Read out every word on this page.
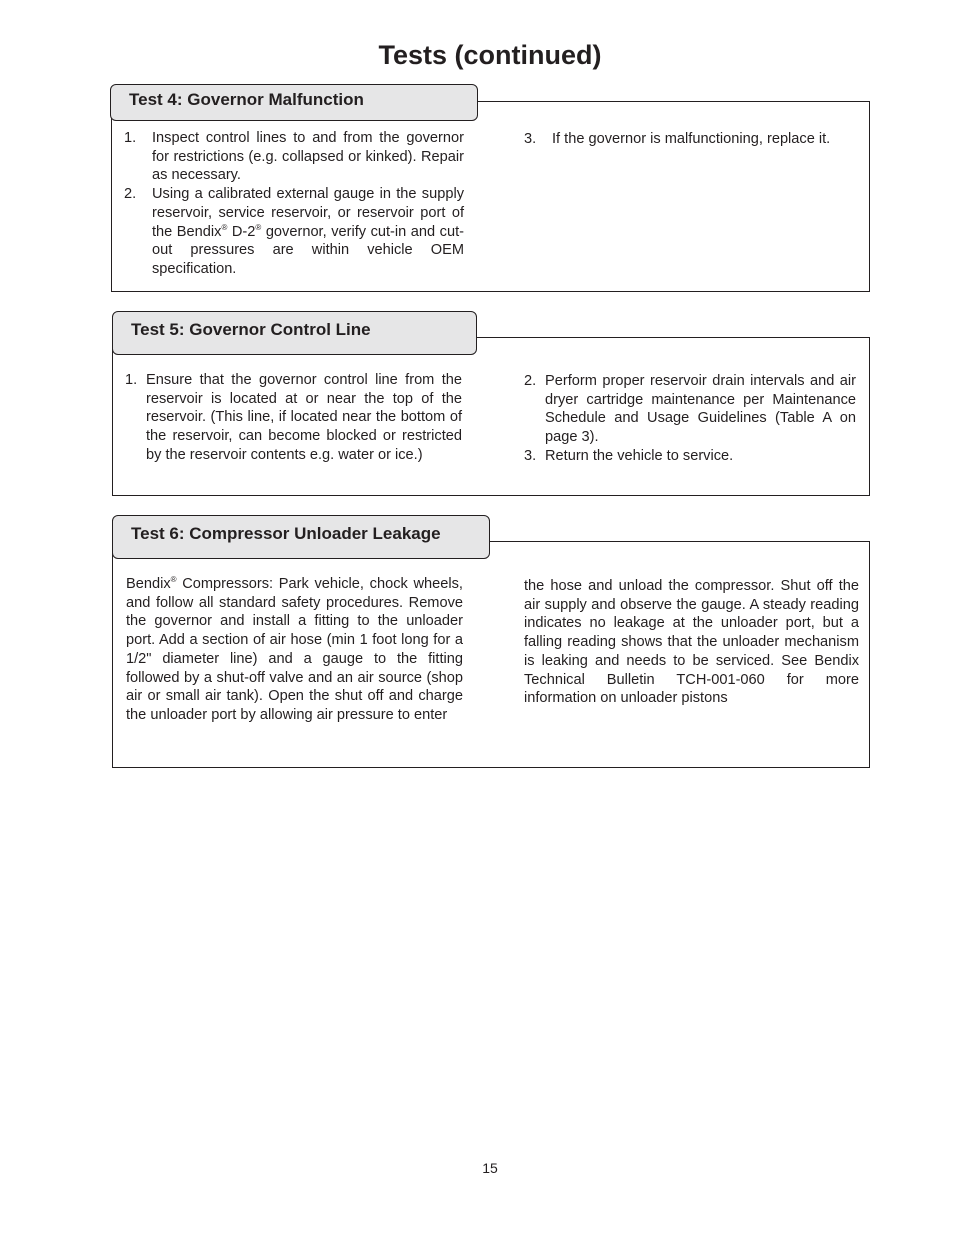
Tests (continued)
Test 4: Governor Malfunction
1. Inspect control lines to and from the governor for restrictions (e.g. collapsed or kinked). Repair as necessary.
2. Using a calibrated external gauge in the supply reservoir, service reservoir, or reservoir port of the Bendix® D-2® governor, verify cut-in and cut-out pressures are within vehicle OEM specification.
3. If the governor is malfunctioning, replace it.
Test 5: Governor Control Line
1. Ensure that the governor control line from the reservoir is located at or near the top of the reservoir. (This line, if located near the bottom of the reservoir, can become blocked or restricted by the reservoir contents e.g. water or ice.)
2. Perform proper reservoir drain intervals and air dryer cartridge maintenance per Maintenance Schedule and Usage Guidelines (Table A on page 3).
3. Return the vehicle to service.
Test 6: Compressor Unloader Leakage

Bendix® Compressors: Park vehicle, chock wheels, and follow all standard safety procedures. Remove the governor and install a fitting to the unloader port. Add a section of air hose (min 1 foot long for a 1/2" diameter line) and a gauge to the fitting followed by a shut-off valve and an air source (shop air or small air tank). Open the shut off and charge the unloader port by allowing air pressure to enter

the hose and unload the compressor. Shut off the air supply and observe the gauge. A steady reading indicates no leakage at the unloader port, but a falling reading shows that the unloader mechanism is leaking and needs to be serviced. See Bendix Technical Bulletin TCH-001-060 for more information on unloader pistons

15
